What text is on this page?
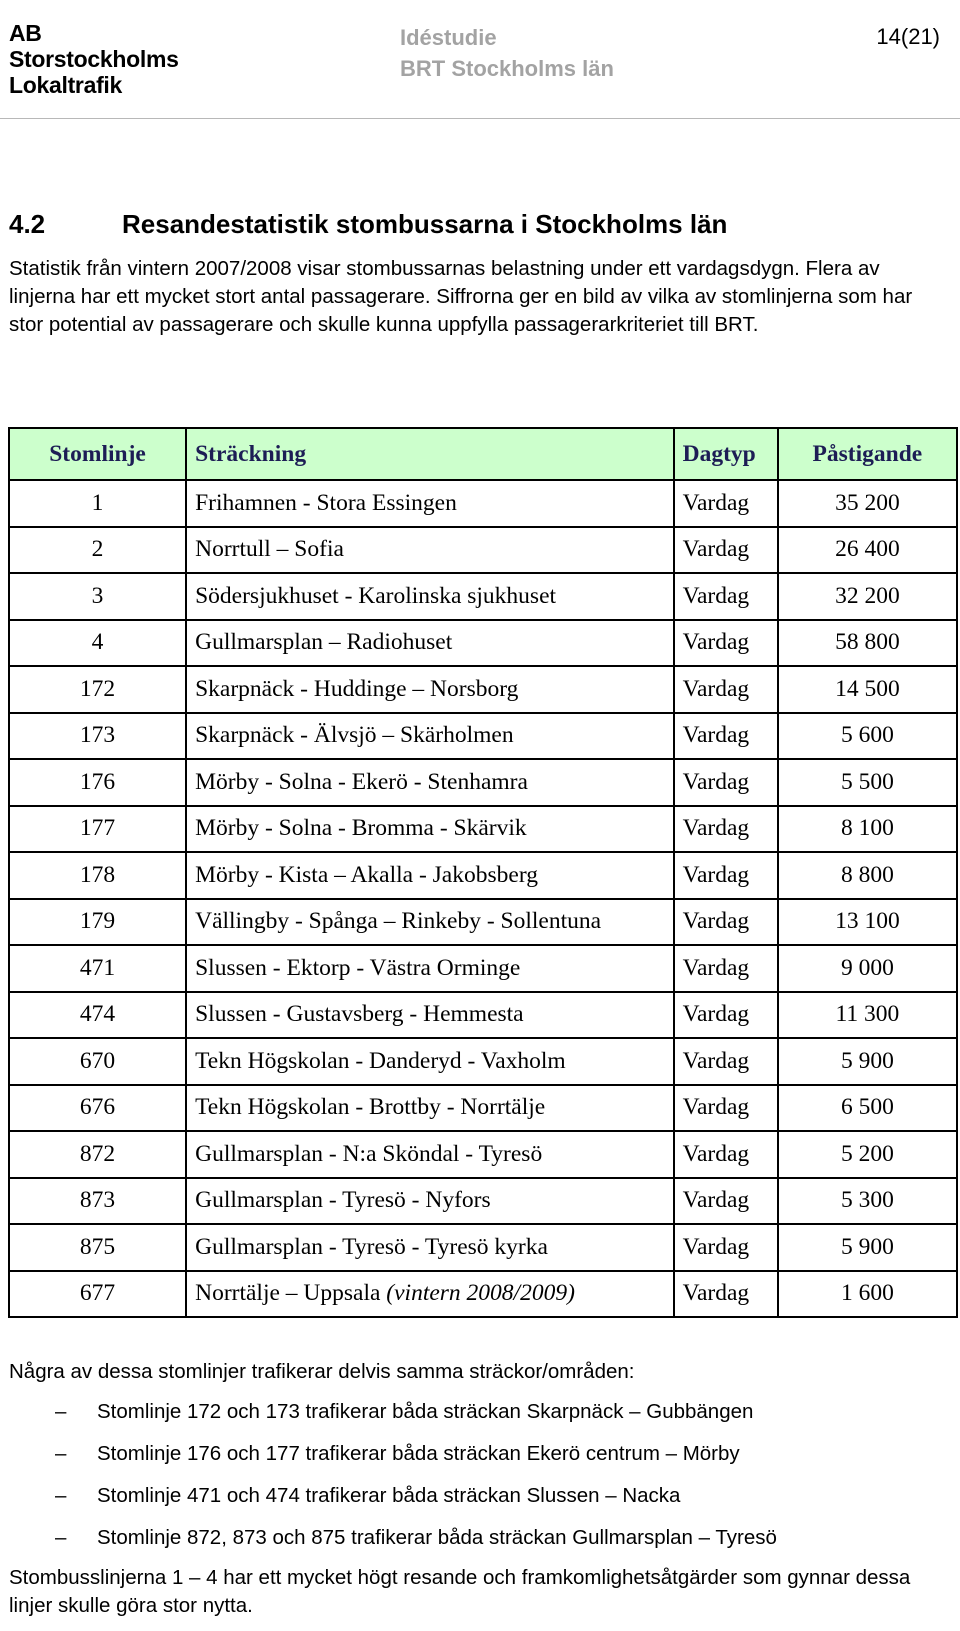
AB
Storstockholms
Lokaltrafik
Idéstudie
BRT Stockholms län
14(21)
4.2	Resandestatistik stombussarna i Stockholms län

Statistik från vintern 2007/2008 visar stombussarnas belastning under ett vardagsdygn. Flera av linjerna har ett mycket stort antal passagerare. Siffrorna ger en bild av vilka av stomlinjerna som har stor potential av passagerare och skulle kunna uppfylla passagerarkriteriet till BRT.

Stomlinje	Sträckning	Dagtyp	Påstigande
1	Frihamnen - Stora Essingen	Vardag	35 200
2	Norrtull – Sofia	Vardag	26 400
3	Södersjukhuset - Karolinska sjukhuset	Vardag	32 200
4	Gullmarsplan – Radiohuset	Vardag	58 800
172	Skarpnäck - Huddinge – Norsborg	Vardag	14 500
173	Skarpnäck - Älvsjö – Skärholmen	Vardag	5 600
176	Mörby - Solna - Ekerö - Stenhamra	Vardag	5 500
177	Mörby - Solna - Bromma - Skärvik	Vardag	8 100
178	Mörby - Kista – Akalla - Jakobsberg	Vardag	8 800
179	Vällingby - Spånga – Rinkeby - Sollentuna	Vardag	13 100
471	Slussen - Ektorp - Västra Orminge	Vardag	9 000
474	Slussen - Gustavsberg - Hemmesta	Vardag	11 300
670	Tekn Högskolan - Danderyd - Vaxholm	Vardag	5 900
676	Tekn Högskolan - Brottby - Norrtälje	Vardag	6 500
872	Gullmarsplan - N:a Sköndal - Tyresö	Vardag	5 200
873	Gullmarsplan - Tyresö - Nyfors	Vardag	5 300
875	Gullmarsplan - Tyresö - Tyresö kyrka	Vardag	5 900
677	Norrtälje – Uppsala (vintern 2008/2009)	Vardag	1 600
Några av dessa stomlinjer trafikerar delvis samma sträckor/områden:
– Stomlinje 172 och 173 trafikerar båda sträckan Skarpnäck – Gubbängen
– Stomlinje 176 och 177 trafikerar båda sträckan Ekerö centrum – Mörby
– Stomlinje 471 och 474 trafikerar båda sträckan Slussen – Nacka
– Stomlinje 872, 873 och 875 trafikerar båda sträckan Gullmarsplan – Tyresö

Stombusslinjerna 1 – 4 har ett mycket högt resande och framkomlighetsåtgärder som gynnar dessa linjer skulle göra stor nytta.
